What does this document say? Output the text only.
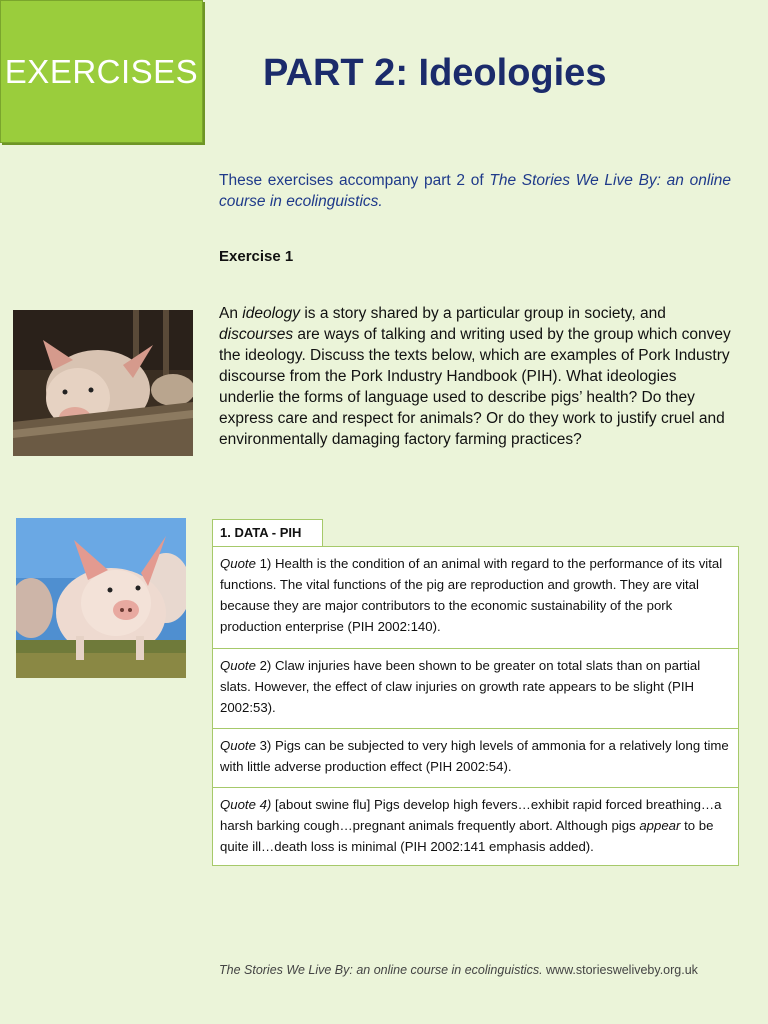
EXERCISES PART 2: Ideologies

These exercises accompany part 2 of The Stories We Live By: an online course in ecolinguistics.

Exercise 1

An ideology is a story shared by a particular group in society, and discourses are ways of talking and writing used by the group which convey the ideology. Discuss the texts below, which are examples of Pork Industry discourse from the Pork Industry Handbook (PIH). What ideologies underlie the forms of language used to describe pigs’ health? Do they express care and respect for animals? Or do they work to justify cruel and environmentally damaging factory farming practices?

1. DATA - PIH
Quote 1) Health is the condition of an animal with regard to the performance of its vital functions. The vital functions of the pig are reproduction and growth. They are vital because they are major contributors to the economic sustainability of the pork production enterprise (PIH 2002:140).
Quote 2) Claw injuries have been shown to be greater on total slats than on partial slats. However, the effect of claw injuries on growth rate appears to be slight (PIH 2002:53).
Quote 3) Pigs can be subjected to very high levels of ammonia for a relatively long time with little adverse production effect (PIH 2002:54).
Quote 4) [about swine flu] Pigs develop high fevers…exhibit rapid forced breathing…a harsh barking cough…pregnant animals frequently abort. Although pigs appear to be quite ill…death loss is minimal (PIH 2002:141 emphasis added).

The Stories We Live By: an online course in ecolinguistics. www.storiesweliveby.org.uk
